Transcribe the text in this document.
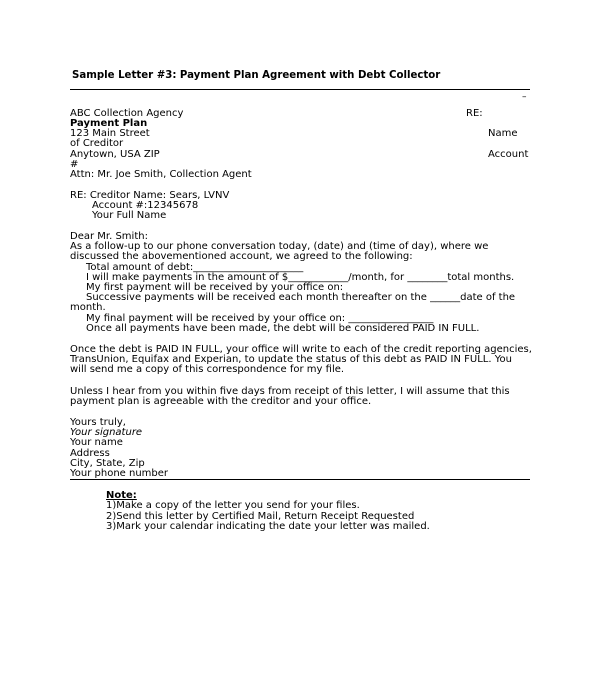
Sample Letter #3: Payment Plan Agreement with Debt Collector
–
ABC Collection Agency
Payment Plan
123 Main Street
of Creditor
Anytown, USA ZIP
#
Attn: Mr. Joe Smith, Collection Agent
RE:
Name
Account
RE: Creditor Name: Sears, LVNV
Account #:12345678
Your Full Name
Dear Mr. Smith:
As a follow-up to our phone conversation today, (date) and (time of day), where we
discussed the abovementioned account, we agreed to the following:
Total amount of debt:______________________
I will make payments in the amount of $____________/month, for ________total months.
My first payment will be received by your office on:
Successive payments will be received each month thereafter on the ______date of the
month.
My final payment will be received by your office on: _________________
Once all payments have been made, the debt will be considered PAID IN FULL.
Once the debt is PAID IN FULL, your office will write to each of the credit reporting agencies,
TransUnion, Equifax and Experian, to update the status of this debt as PAID IN FULL. You
will send me a copy of this correspondence for my file.
Unless I hear from you within five days from receipt of this letter, I will assume that this
payment plan is agreeable with the creditor and your office.
Yours truly,
Your signature
Your name
Address
City, State, Zip
Your phone number
Note:
1)Make a copy of the letter you send for your files.
2)Send this letter by Certified Mail, Return Receipt Requested
3)Mark your calendar indicating the date your letter was mailed.
